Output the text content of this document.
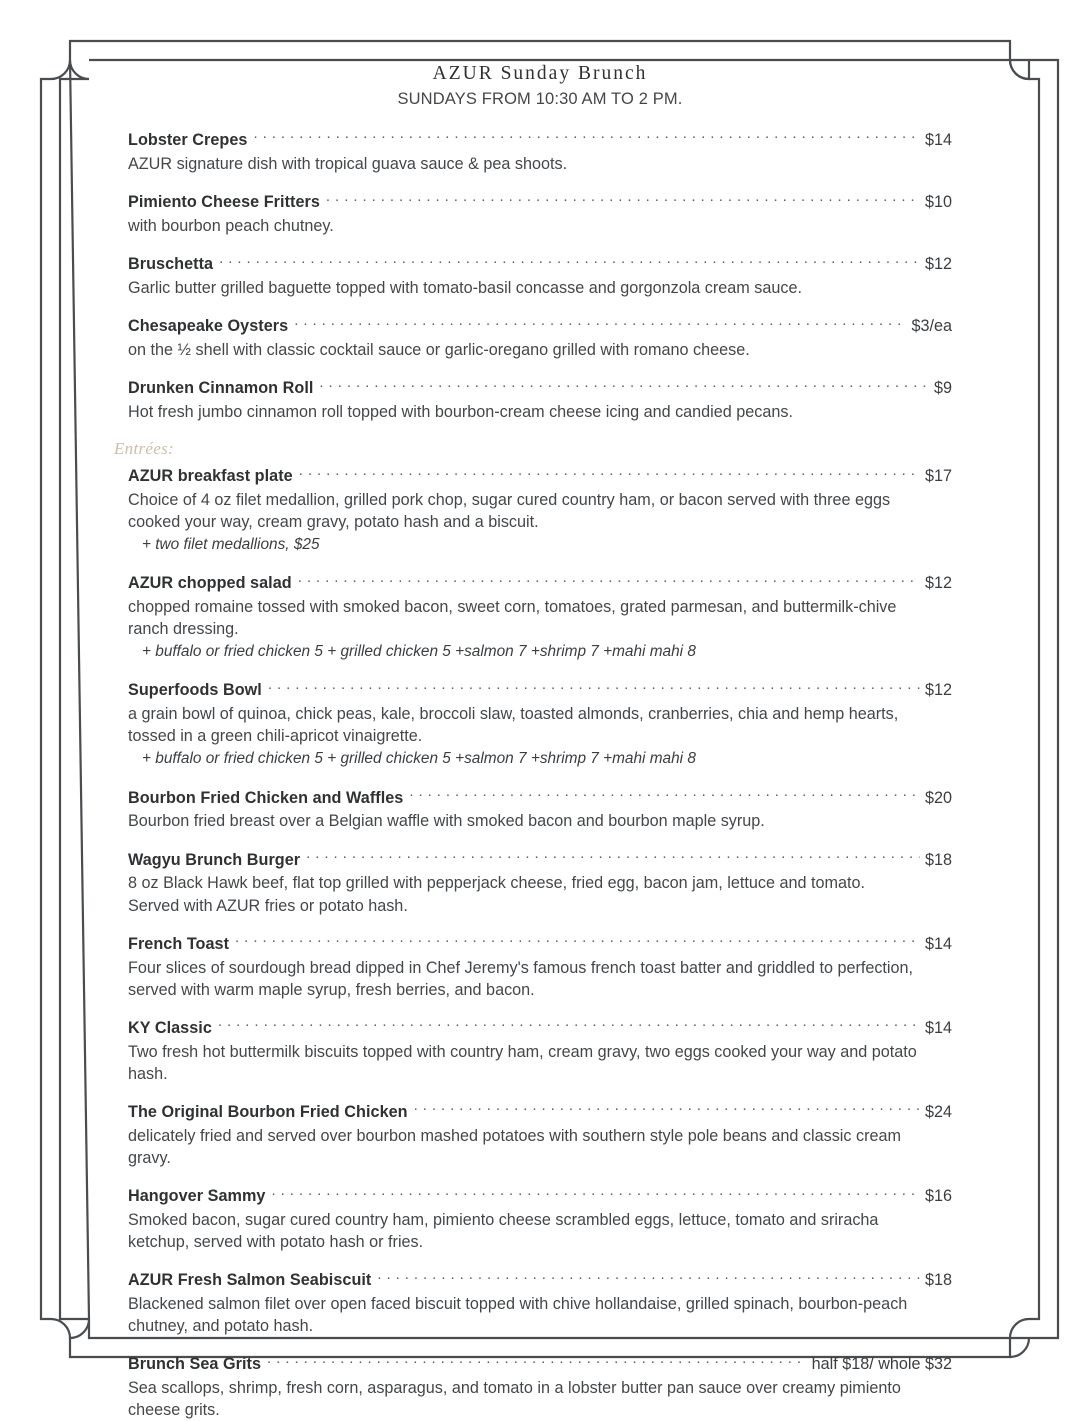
AZUR Sunday Brunch
SUNDAYS FROM 10:30 AM TO 2 PM.
Lobster Crepes . . .	$14
AZUR signature dish with tropical guava sauce & pea shoots.
Pimiento Cheese Fritters . . .	$10
with bourbon peach chutney.
Bruschetta . . .	$12
Garlic butter grilled baguette topped with tomato-basil concasse and gorgonzola cream sauce.
Chesapeake Oysters . . .	$3/ea
on the ½ shell with classic cocktail sauce or garlic-oregano grilled with romano cheese.
Drunken Cinnamon Roll . . .	$9
Hot fresh jumbo cinnamon roll topped with bourbon-cream cheese icing and candied pecans.
Entrées:
AZUR breakfast plate . . .	$17
Choice of 4 oz filet medallion, grilled pork chop, sugar cured country ham, or bacon served with three eggs cooked your way, cream gravy, potato hash and a biscuit.
+ two filet medallions, $25
AZUR chopped salad . . .	$12
chopped romaine tossed with smoked bacon, sweet corn, tomatoes, grated parmesan, and buttermilk-chive ranch dressing.
+ buffalo or fried chicken 5 + grilled chicken 5 +salmon 7 +shrimp 7 +mahi mahi 8
Superfoods Bowl . . .	$12
a grain bowl of quinoa, chick peas, kale, broccoli slaw, toasted almonds, cranberries, chia and hemp hearts, tossed in a green chili-apricot vinaigrette.
+ buffalo or fried chicken 5 + grilled chicken 5 +salmon 7 +shrimp 7 +mahi mahi 8
Bourbon Fried Chicken and Waffles . . .	$20
Bourbon fried breast over a Belgian waffle with smoked bacon and bourbon maple syrup.
Wagyu Brunch Burger . . .	$18
8 oz Black Hawk beef, flat top grilled with pepperjack cheese, fried egg, bacon jam, lettuce and tomato. Served with AZUR fries or potato hash.
French Toast . . .	$14
Four slices of sourdough bread dipped in Chef Jeremy's famous french toast batter and griddled to perfection, served with warm maple syrup, fresh berries, and bacon.
KY Classic . . .	$14
Two fresh hot buttermilk biscuits topped with country ham, cream gravy, two eggs cooked your way and potato hash.
The Original Bourbon Fried Chicken . . .	$24
delicately fried and served over bourbon mashed potatoes with southern style pole beans and classic cream gravy.
Hangover Sammy . . .	$16
Smoked bacon, sugar cured country ham, pimiento cheese scrambled eggs, lettuce, tomato and sriracha ketchup, served with potato hash or fries.
AZUR Fresh Salmon Seabiscuit . . .	$18
Blackened salmon filet over open faced biscuit topped with chive hollandaise, grilled spinach, bourbon-peach chutney, and potato hash.
Brunch Sea Grits . . .	half $18/ whole $32
Sea scallops, shrimp, fresh corn, asparagus, and tomato in a lobster butter pan sauce over creamy pimiento cheese grits.
